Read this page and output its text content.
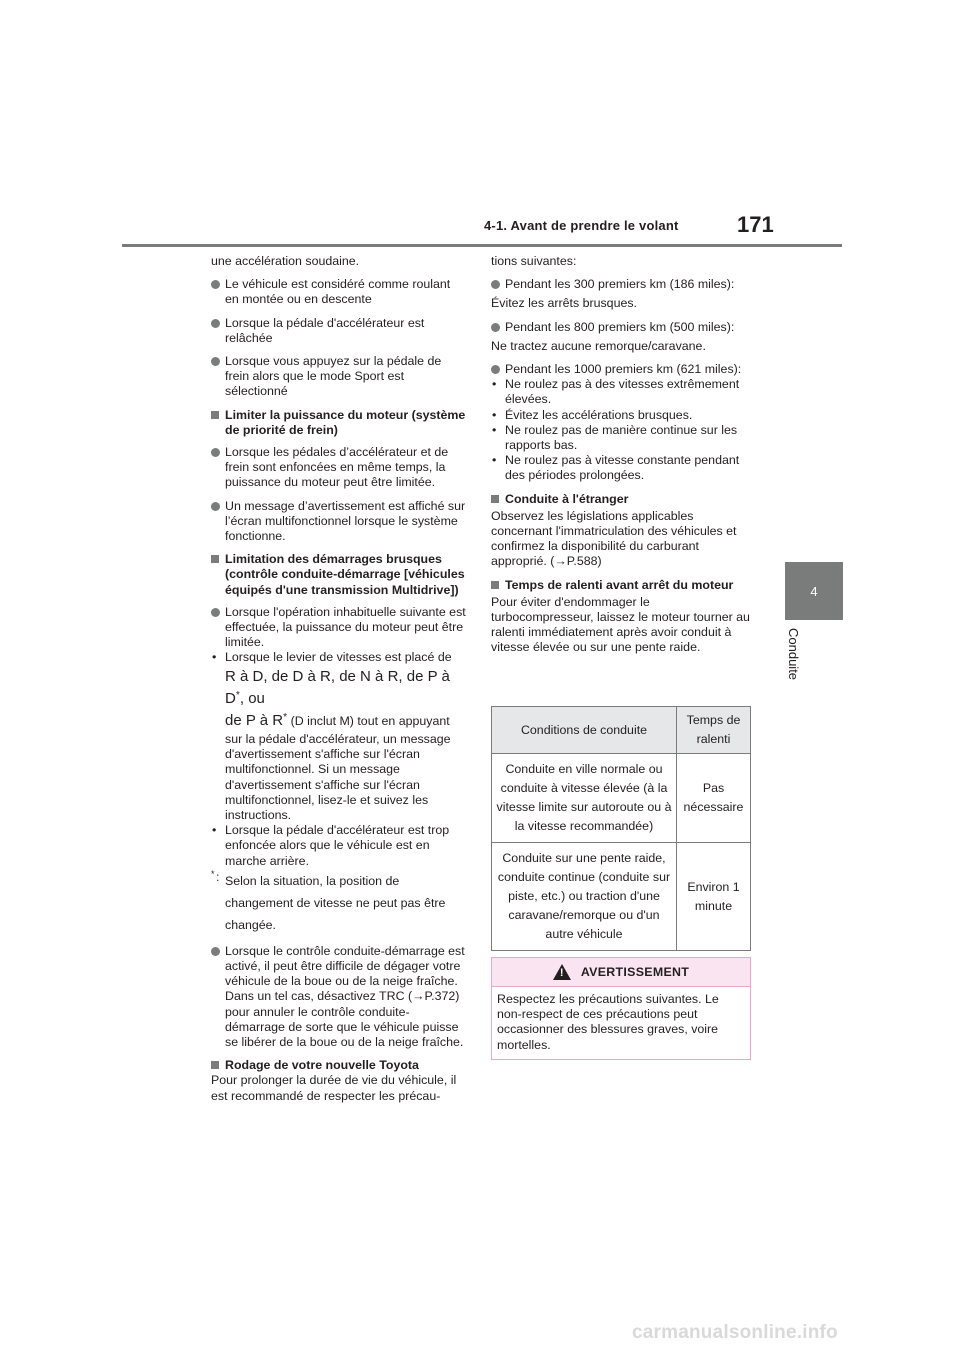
4-1. Avant de prendre le volant	171
4
Conduite

une accélération soudaine.

Le véhicule est considéré comme roulant en montée ou en descente
Lorsque la pédale d'accélérateur est relâchée
Lorsque vous appuyez sur la pédale de frein alors que le mode Sport est sélectionné
Limiter la puissance du moteur (système de priorité de frein)
Lorsque les pédales d’accélérateur et de frein sont enfoncées en même temps, la puissance du moteur peut être limitée.
Un message d’avertissement est affiché sur l’écran multifonctionnel lorsque le système fonctionne.
Limitation des démarrages brusques (contrôle conduite-démarrage [véhicules équipés d'une transmission Multidrive])
Lorsque l'opération inhabituelle suivante est effectuée, la puissance du moteur peut être limitée.
• Lorsque le levier de vitesses est placé de
R à D, de D à R, de N à R, de P à D*, ou
de P à R* (D inclut M) tout en appuyant sur la pédale d'accélérateur, un message d'avertissement s'affiche sur l'écran multifonctionnel. Si un message d'avertissement s'affiche sur l'écran multifonctionnel, lisez-le et suivez les instructions.
• Lorsque la pédale d'accélérateur est trop enfoncée alors que le véhicule est en marche arrière.
* : Selon la situation, la position de changement de vitesse ne peut pas être changée.
Lorsque le contrôle conduite-démarrage est activé, il peut être difficile de dégager votre véhicule de la boue ou de la neige fraîche. Dans un tel cas, désactivez TRC (→P.372) pour annuler le contrôle conduite-démarrage de sorte que le véhicule puisse se libérer de la boue ou de la neige fraîche.
Rodage de votre nouvelle Toyota

Pour prolonger la durée de vie du véhicule, il est recommandé de respecter les précau-

tions suivantes:

Pendant les 300 premiers km (186 miles):

Évitez les arrêts brusques.

Pendant les 800 premiers km (500 miles):

Ne tractez aucune remorque/caravane.

Pendant les 1000 premiers km (621 miles):
• Ne roulez pas à des vitesses extrêmement élevées.
• Évitez les accélérations brusques.
• Ne roulez pas de manière continue sur les rapports bas.
• Ne roulez pas à vitesse constante pendant des périodes prolongées.
Conduite à l'étranger

Observez les législations applicables concernant l'immatriculation des véhicules et confirmez la disponibilité du carburant approprié. (→P.588)

Temps de ralenti avant arrêt du moteur

Pour éviter d'endommager le turbocompresseur, laissez le moteur tourner au ralenti immédiatement après avoir conduit à vitesse élevée ou sur une pente raide.

Conditions de conduite	Temps de ralenti
Conduite en ville normale ou conduite à vitesse élevée (à la vitesse limite sur autoroute ou à la vitesse recommandée)	Pas nécessaire
Conduite sur une pente raide, conduite continue (conduite sur piste, etc.) ou traction d'une caravane/remorque ou d'un autre véhicule	Environ 1 minute
!
AVERTISSEMENT
Respectez les précautions suivantes. Le non-respect de ces précautions peut occasionner des blessures graves, voire mortelles.
carmanualsonline.info
